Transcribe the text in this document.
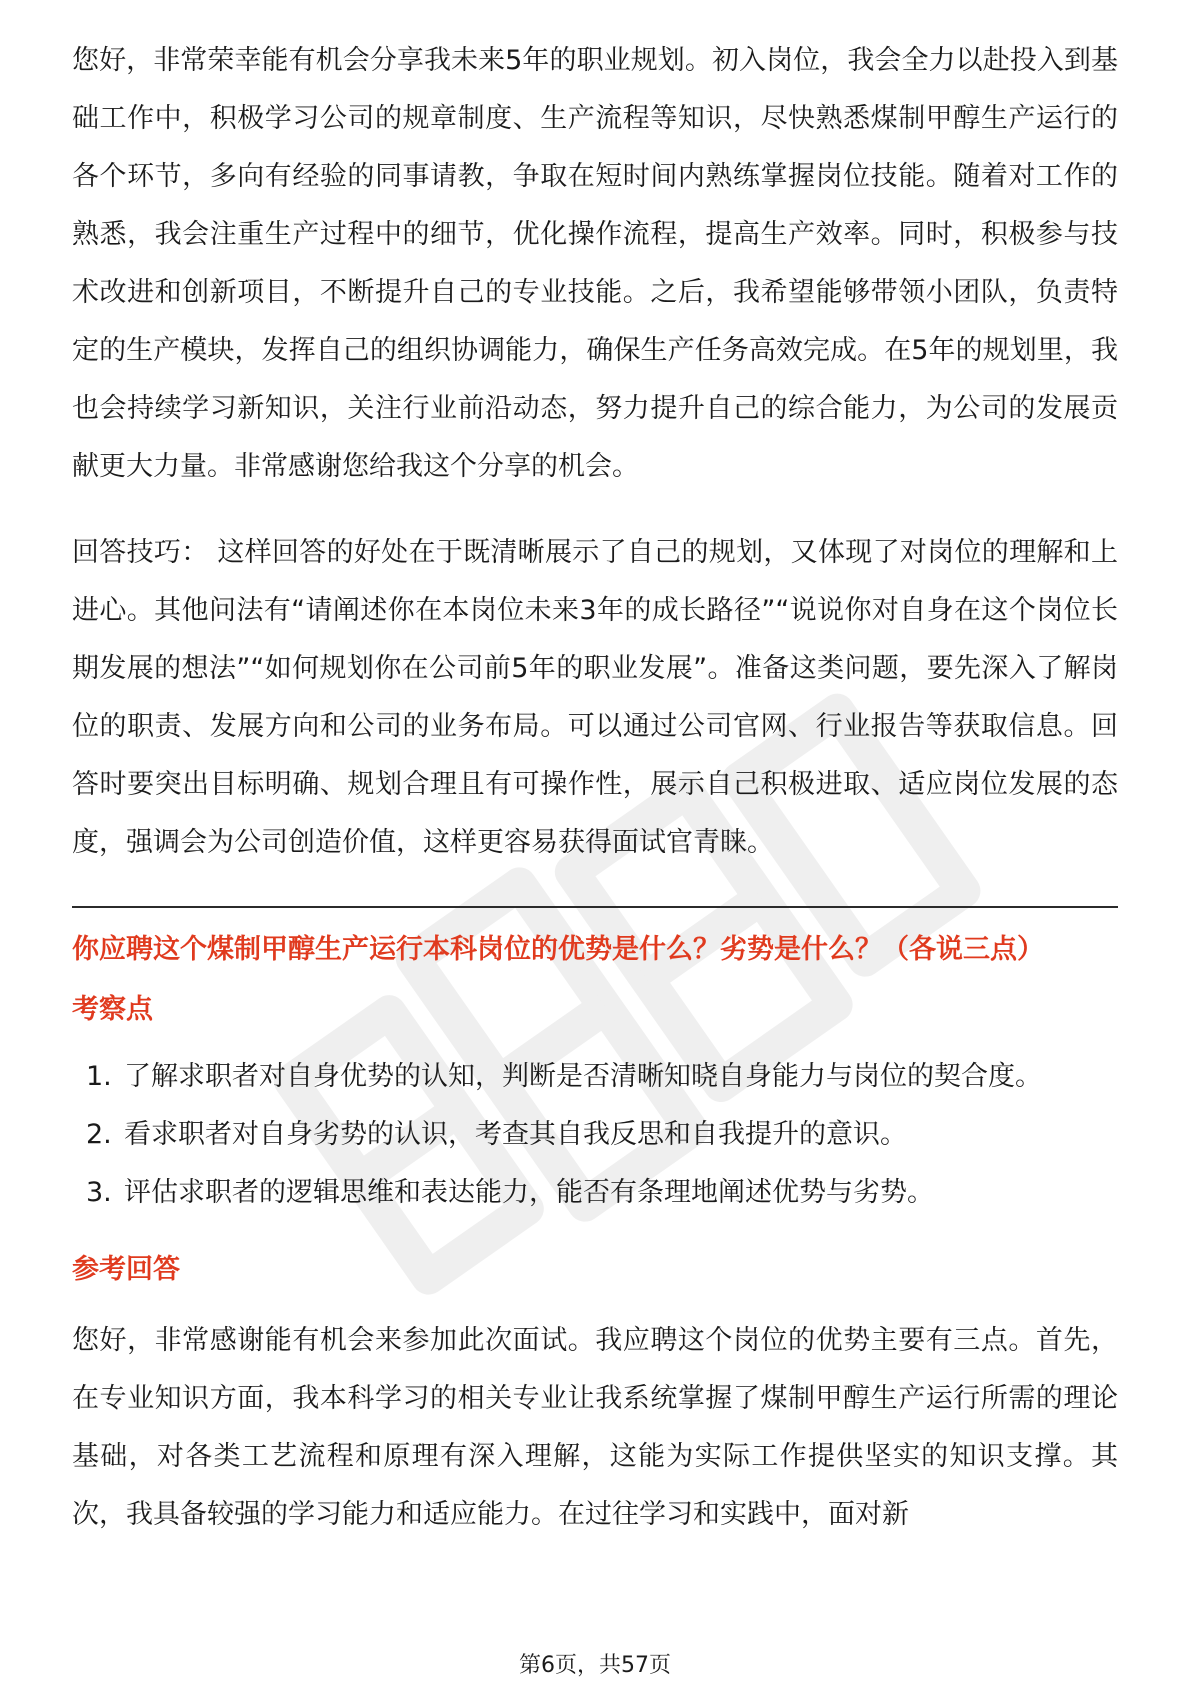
您好，非常荣幸能有机会分享我未来5年的职业规划。初入岗位，我会全力以赴投入到基础工作中，积极学习公司的规章制度、生产流程等知识，尽快熟悉煤制甲醇生产运行的各个环节，多向有经验的同事请教，争取在短时间内熟练掌握岗位技能。随着对工作的熟悉，我会注重生产过程中的细节，优化操作流程，提高生产效率。同时，积极参与技术改进和创新项目，不断提升自己的专业技能。之后，我希望能够带领小团队，负责特定的生产模块，发挥自己的组织协调能力，确保生产任务高效完成。在5年的规划里，我也会持续学习新知识，关注行业前沿动态，努力提升自己的综合能力，为公司的发展贡献更大力量。非常感谢您给我这个分享的机会。

回答技巧： 这样回答的好处在于既清晰展示了自己的规划，又体现了对岗位的理解和上进心。其他问法有“请阐述你在本岗位未来3年的成长路径”“说说你对自身在这个岗位长期发展的想法”“如何规划你在公司前5年的职业发展”。准备这类问题，要先深入了解岗位的职责、发展方向和公司的业务布局。可以通过公司官网、行业报告等获取信息。回答时要突出目标明确、规划合理且有可操作性，展示自己积极进取、适应岗位发展的态度，强调会为公司创造价值，这样更容易获得面试官青睐。

你应聘这个煤制甲醇生产运行本科岗位的优势是什么？劣势是什么？（各说三点）

考察点

1. 了解求职者对自身优势的认知，判断是否清晰知晓自身能力与岗位的契合度。
2. 看求职者对自身劣势的认识，考查其自我反思和自我提升的意识。
3. 评估求职者的逻辑思维和表达能力，能否有条理地阐述优势与劣势。

参考回答

您好，非常感谢能有机会来参加此次面试。我应聘这个岗位的优势主要有三点。首先，在专业知识方面，我本科学习的相关专业让我系统掌握了煤制甲醇生产运行所需的理论基础，对各类工艺流程和原理有深入理解，这能为实际工作提供坚实的知识支撑。其次，我具备较强的学习能力和适应能力。在过往学习和实践中，面对新

第6页，共57页
